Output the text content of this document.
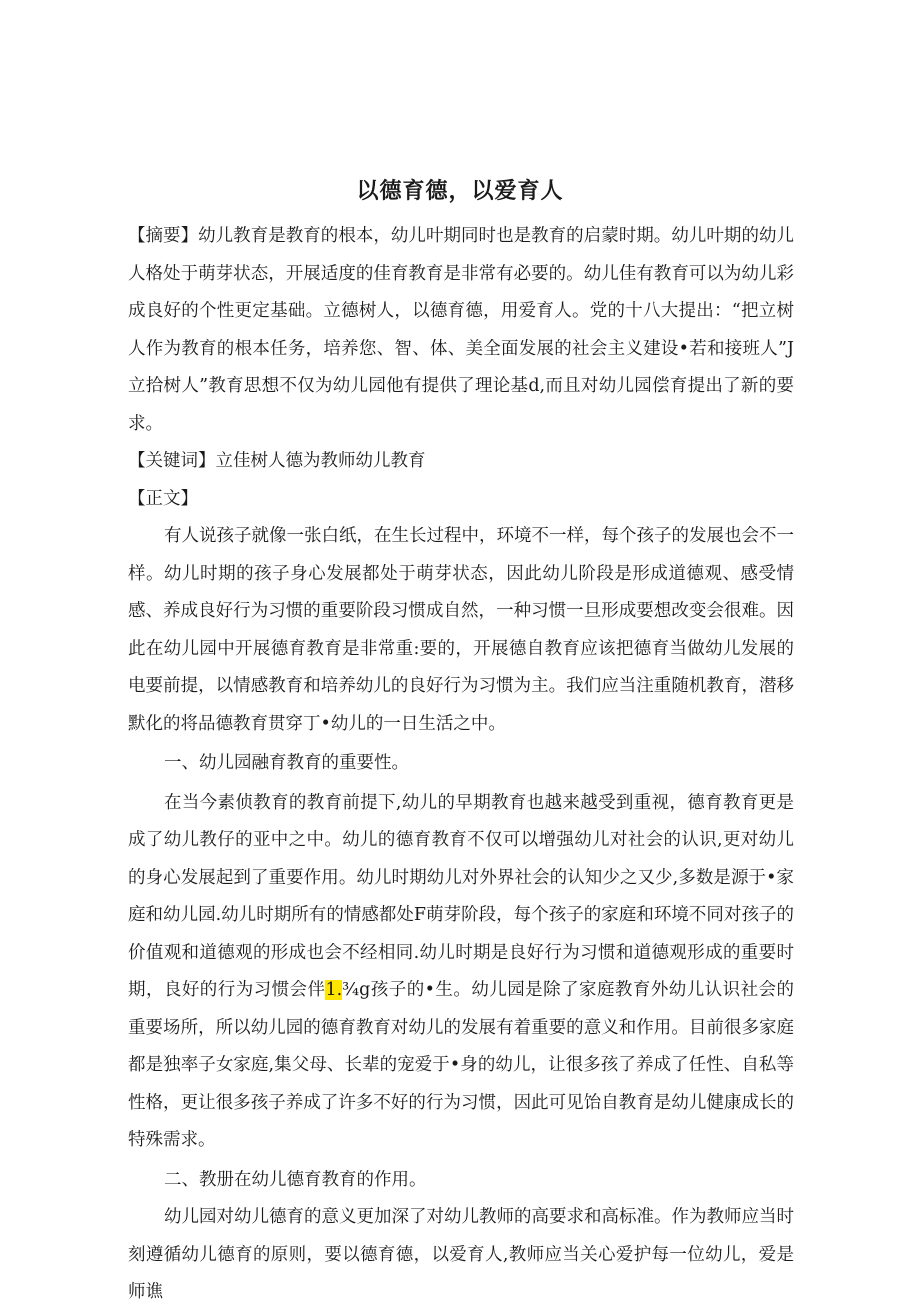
以德育德，以爱育人

【摘要】幼儿教育是教育的根本，幼儿叶期同时也是教育的启蒙时期。幼儿叶期的幼儿人格处于萌芽状态，开展适度的佳育教育是非常有必要的。幼儿佳有教育可以为幼儿彩成良好的个性更定基础。立德树人，以德育德，用爱育人。党的十八大提出：“把立树人作为教育的根本任务，培养您、智、体、美全面发展的社会主义建设•若和接班人”J立拾树人”教育思想不仅为幼儿园他有提供了理论基d,而且对幼儿园偿育提出了新的要求。

【关键词】立佳树人德为教师幼儿教育

【正文】

有人说孩子就像一张白纸，在生长过程中，环境不一样，每个孩子的发展也会不一样。幼儿时期的孩子身心发展都处于萌芽状态，因此幼儿阶段是形成道德观、感受情感、养成良好行为习惯的重要阶段习惯成自然，一种习惯一旦形成要想改变会很难。因此在幼儿园中开展德育教育是非常重:要的，开展德自教育应该把德育当做幼儿发展的电要前提，以情感教育和培养幼儿的良好行为习惯为主。我们应当注重随机教育，潜移默化的将品德教育贯穿丁•幼儿的一日生活之中。

一、幼儿园融育教育的重要性。

在当今素侦教育的教育前提下,幼儿的早期教育也越来越受到重视，德育教育更是成了幼儿教仔的亚中之中。幼儿的德育教育不仅可以增强幼儿对社会的认识,更对幼儿的身心发展起到了重要作用。幼儿时期幼儿对外界社会的认知少之又少,多数是源于•家庭和幼儿园.幼儿时期所有的情感都处F萌芽阶段，每个孩子的家庭和环境不同对孩子的价值观和道德观的形成也会不经相同.幼儿时期是良好行为习惯和道德观形成的重要时期，良好的行为习惯会伴1.¾g孩子的•生。幼儿园是除了家庭教育外幼儿认识社会的重要场所，所以幼儿园的德育教育对幼儿的发展有着重要的意义和作用。目前很多家庭都是独率子女家庭,集父母、长辈的宠爱于•身的幼儿，让很多孩了养成了任性、自私等性格，更让很多孩子养成了许多不好的行为习惯，因此可见饴自教育是幼儿健康成长的特殊需求。

二、教册在幼儿德育教育的作用。

幼儿园对幼儿德育的意义更加深了对幼儿教师的高要求和高标准。作为教师应当时刻遵循幼儿德育的原则，要以德育德，以爱育人,教师应当关心爱护每一位幼儿，爱是师谯
